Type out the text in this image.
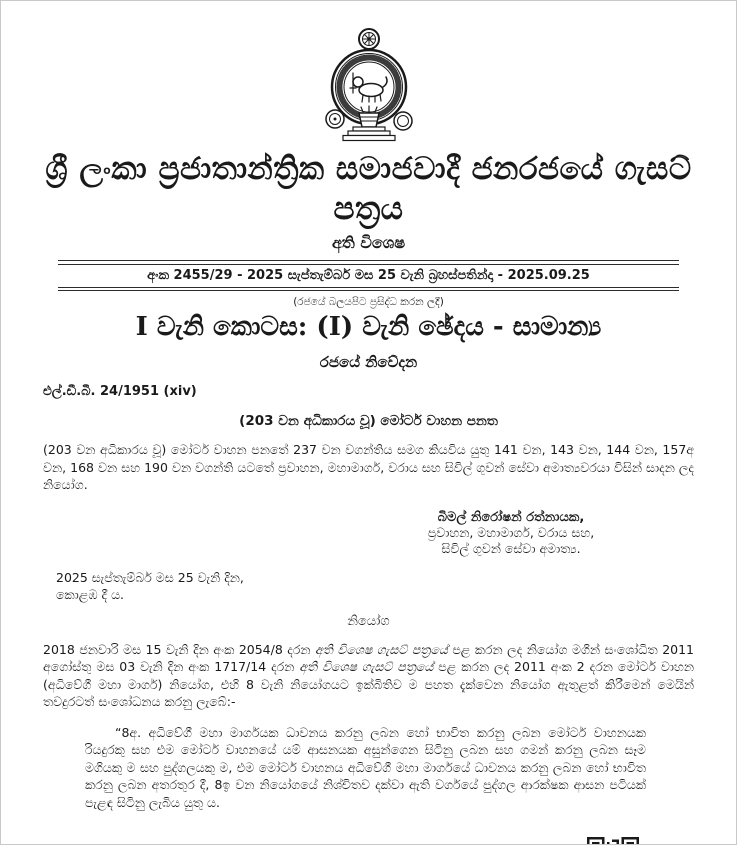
ශ්‍රී ලංකා ප්‍රජාතාන්ත්‍රික සමාජවාදී ජනරජයේ ගැසට් පත්‍රය
අති විශෙෂ
අංක 2455/29 - 2025 සැප්තැම්බර් මස 25 වැනි බ්‍රහස්පතින්දා - 2025.09.25
(රජයේ බලයපිට ප්‍රසිද්ධ කරන ලදී)
I වැනි කොටස: (I) වැනි ඡේදය - සාමාන්‍ය
රජයේ නිවේදන
එල්.ඩී.බී. 24/1951 (xiv)
(203 වන අධිකාරය වූ) මෝටර් වාහන පනත

(203 වන අධිකාරය වූ) මෝටර් වාහන පනතේ 237 වන වගන්තිය සමග කියවිය යුතු 141 වන, 143 වන, 144 වන, 157අ වන, 168 වන සහ 190 වන වගන්ති යටතේ ප්‍රවාහන, මහාමාර්ග, වරාය සහ සිවිල් ගුවන් සේවා අමාත්‍යවරයා විසින් සාදන ලද නියෝග.

බිමල් නිරෝෂන් රත්නායක,
ප්‍රවාහන, මහාමාර්ග, වරාය සහ,
සිවිල් ගුවන් සේවා අමාත්‍ය.
2025 සැප්තැම්බර් මස 25 වැනි දින,
කොළඹ දී ය.
නියෝග

2018 ජනවාරි මස 15 වැනි දින අංක 2054/8 දරන අති විශෙෂ ගැසට් පත්‍රයේ පළ කරන ලද නියෝග මගින් සංශෝධිත 2011 අගෝස්තු මස 03 වැනි දින අංක 1717/14 දරන අති විශෙෂ ගැසට් පත්‍රයේ පළ කරන ලද 2011 අංක 2 දරන මෝටර් වාහන (අධිවේගී මහා මාර්ග) නියෝග, එහි 8 වැනි නියෝගයට ඉක්බිතිව ම පහත දැක්වෙන නියෝග ඇතුළත් කිරීමෙන් මෙයින් තවදුරටත් සංශෝධනය කරනු ලැබේ:-

“8අ. අධිවේගී මහා මාර්ගයක ධාවනය කරනු ලබන හෝ භාවිත කරනු ලබන මෝටර් වාහනයක රියදුරකු සහ එම මෝටර් වාහනයේ යම් ආසනයක අසුන්ගෙන සිටිනු ලබන සහ ගමන් කරනු ලබන සෑම මගියකු ම සහ පුද්ගලයකු ම, එම මෝටර් වාහනය අධිවේගී මහා මාර්ගයේ ධාවනය කරනු ලබන හෝ භාවිත කරනු ලබන අතරතුර දී, 8ඉ වන නියෝගයේ නිශ්චිතව දක්වා ඇති වර්ගයේ පුද්ගල ආරක්ෂක ආසන පටියක් පැළඳ සිටිනු ලැබිය යුතු ය.
